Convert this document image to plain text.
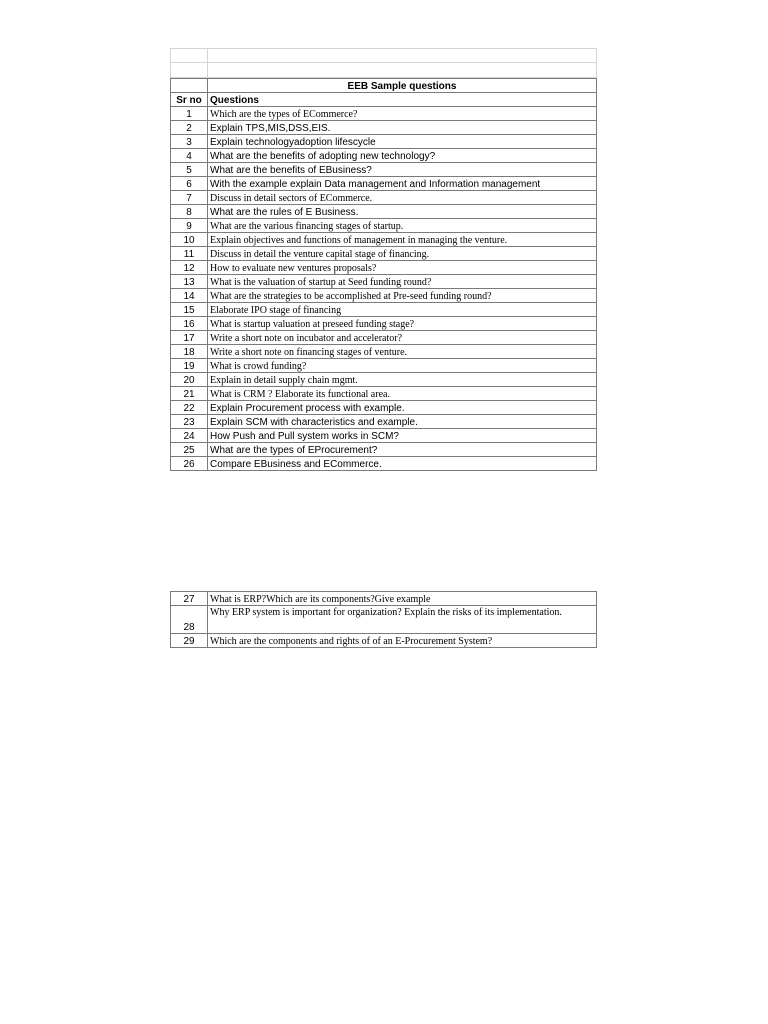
	EEB Sample questions
Sr no	Questions
1	Which are the types of ECommerce?
2	Explain TPS,MIS,DSS,EIS.
3	Explain technologyadoption lifescycle
4	What are the benefits of adopting new technology?
5	What are the benefits of EBusiness?
6	With the example explain Data management and Information management
7	Discuss in detail sectors of ECommerce.
8	What are the rules of E Business.
9	What are the various financing stages of startup.
10	Explain objectives and functions of management in managing the venture.
11	Discuss in detail the venture capital stage of financing.
12	How to evaluate new ventures proposals?
13	What is the valuation of startup at Seed funding round?
14	What are the strategies to be accomplished at Pre-seed funding round?
15	Elaborate IPO stage of financing
16	What is startup valuation at preseed funding stage?
17	Write a short note on incubator and accelerator?
18	Write a short note on financing stages of venture.
19	What is crowd funding?
20	Explain in detail supply chain mgmt.
21	What is CRM ? Elaborate its functional area.
22	Explain Procurement process with example.
23	Explain SCM with characteristics and example.
24	How Push and Pull system works in SCM?
25	What are the types of EProcurement?
26	Compare EBusiness and ECommerce.
27	What is ERP?Which are its components?Give example
28	Why ERP system is important for organization? Explain the risks of its implementation.
29	Which are the components and rights of of an E-Procurement System?
